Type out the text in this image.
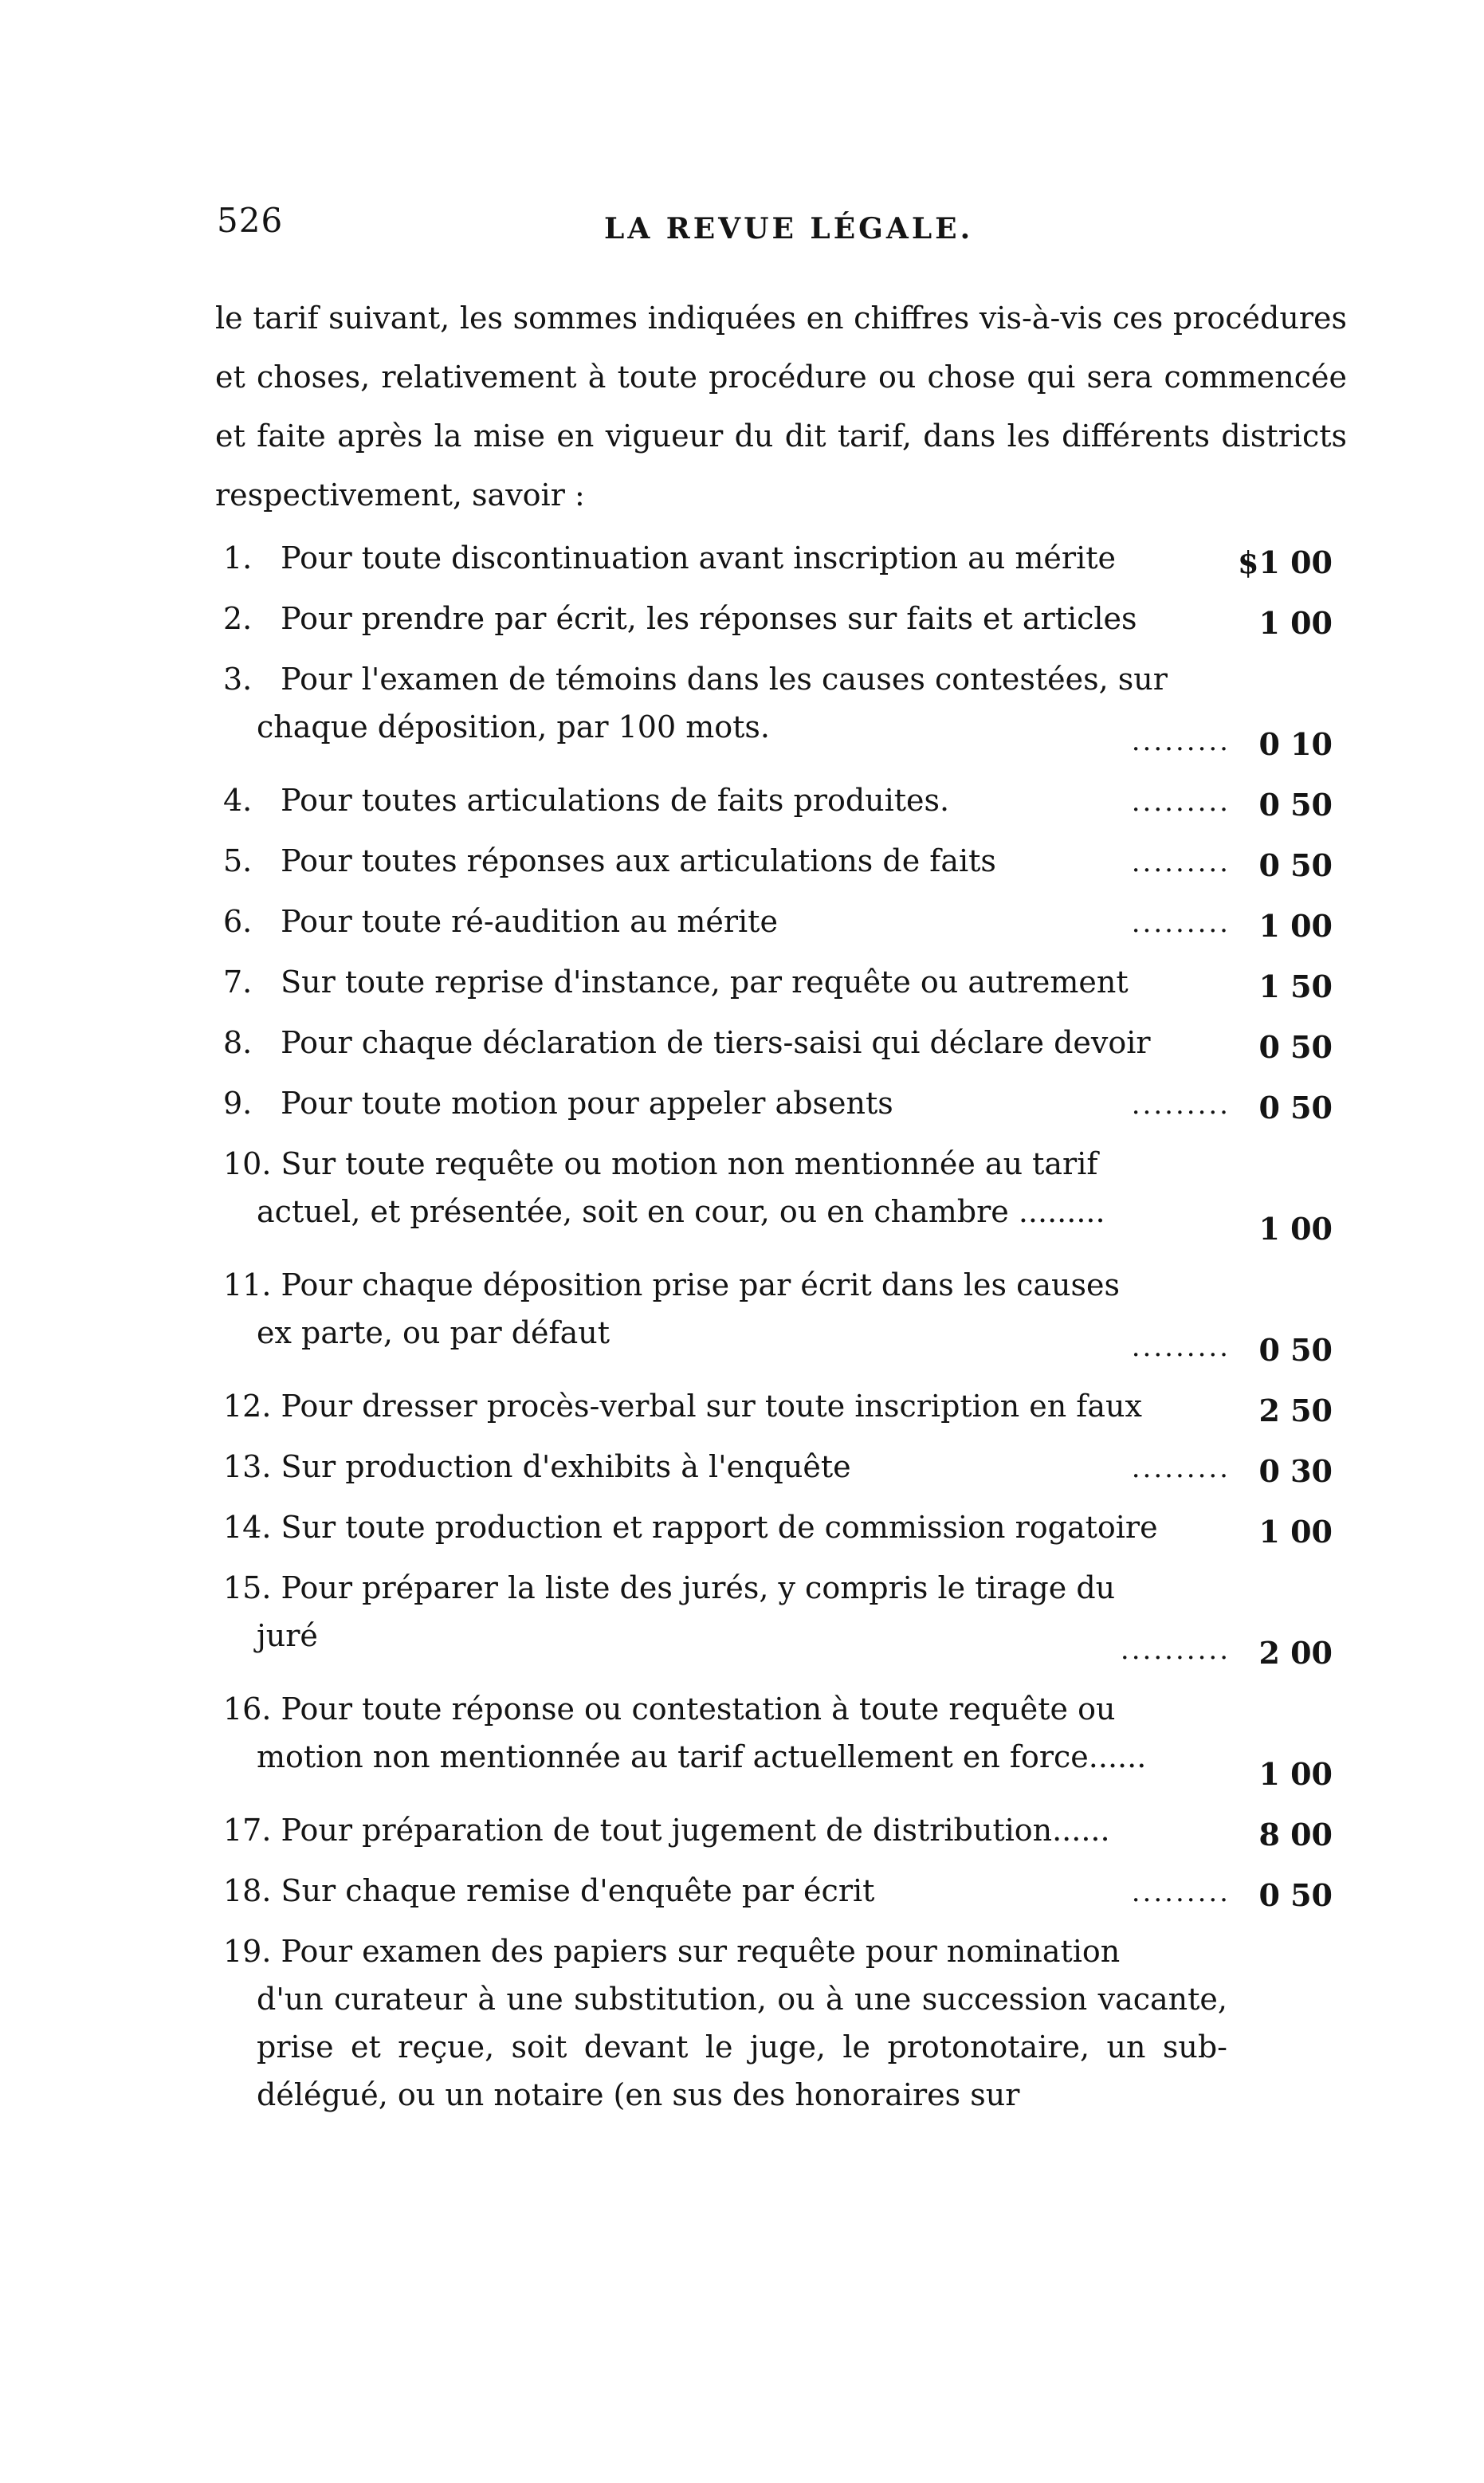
526	LA REVUE LÉGALE.
le tarif suivant, les sommes indiquées en chiffres vis-à-vis ces procédures et choses, relativement à toute procédure ou chose qui sera commencée et faite après la mise en vigueur du dit tarif, dans les différents districts respectivement, savoir :
1. Pour toute discontinuation avant inscription au mérite	$1 00
2. Pour prendre par écrit, les réponses sur faits et articles	1 00
3. Pour l'examen de témoins dans les causes contestées, sur
chaque déposition, par 100 mots.	......... 0 10
4. Pour toutes articulations de faits produites.	......... 0 50
5. Pour toutes réponses aux articulations de faits	......... 0 50
6. Pour toute ré-audition au mérite	......... 1 00
7. Sur toute reprise d'instance, par requête ou autrement	1 50
8. Pour chaque déclaration de tiers-saisi qui déclare devoir	0 50
9. Pour toute motion pour appeler absents	......... 0 50
10. Sur toute requête ou motion non mentionnée au tarif
actuel, et présentée, soit en cour, ou en chambre .........	1 00
11. Pour chaque déposition prise par écrit dans les causes
ex parte, ou par défaut	......... 0 50
12. Pour dresser procès-verbal sur toute inscription en faux	2 50
13. Sur production d'exhibits à l'enquête	......... 0 30
14. Sur toute production et rapport de commission rogatoire	1 00
15. Pour préparer la liste des jurés, y compris le tirage du
juré	.......... 2 00
16. Pour toute réponse ou contestation à toute requête ou
motion non mentionnée au tarif actuellement en force......	1 00
17. Pour préparation de tout jugement de distribution......	8 00
18. Sur chaque remise d'enquête par écrit	......... 0 50
19. Pour examen des papiers sur requête pour nomination
d'un curateur à une substitution, ou à une succession vacante, prise et reçue, soit devant le juge, le protonotaire, un sub-délégué, ou un notaire (en sus des honoraires sur
